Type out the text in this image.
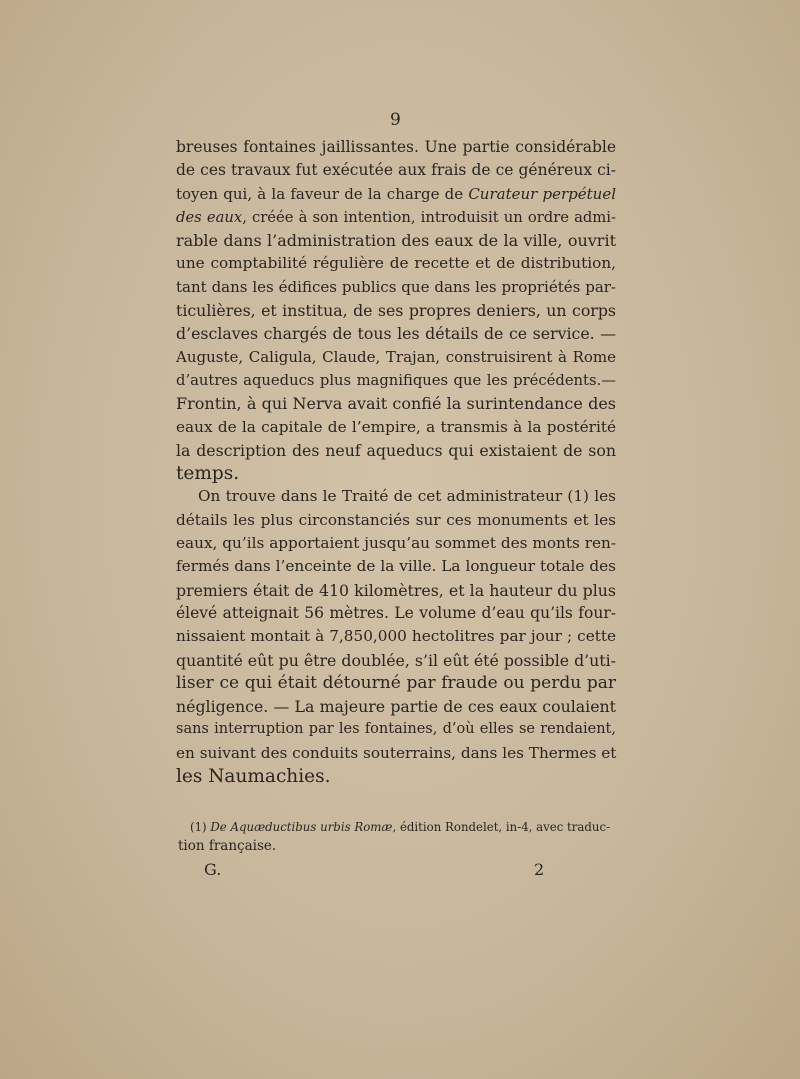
9
breuses fontaines jaillissantes. Une partie considérable
de ces travaux fut exécutée aux frais de ce généreux ci-
toyen qui, à la faveur de la charge de Curateur perpétuel
des eaux, créée à son intention, introduisit un ordre admi-
rable dans l’administration des eaux de la ville, ouvrit
une comptabilité régulière de recette et de distribution,
tant dans les édifices publics que dans les propriétés par-
ticulières, et institua, de ses propres deniers, un corps
d’esclaves chargés de tous les détails de ce service. —
Auguste, Caligula, Claude, Trajan, construisirent à Rome
d’autres aqueducs plus magnifiques que les précédents.—
Frontin, à qui Nerva avait confié la surintendance des
eaux de la capitale de l’empire, a transmis à la postérité
la description des neuf aqueducs qui existaient de son
temps.
On trouve dans le Traité de cet administrateur (1) les
détails les plus circonstanciés sur ces monuments et les
eaux, qu’ils apportaient jusqu’au sommet des monts ren-
fermés dans l’enceinte de la ville. La longueur totale des
premiers était de 410 kilomètres, et la hauteur du plus
élevé atteignait 56 mètres. Le volume d’eau qu’ils four-
nissaient montait à 7,850,000 hectolitres par jour ; cette
quantité eût pu être doublée, s’il eût été possible d’uti-
liser ce qui était détourné par fraude ou perdu par
négligence. — La majeure partie de ces eaux coulaient
sans interruption par les fontaines, d’où elles se rendaient,
en suivant des conduits souterrains, dans les Thermes et
les Naumachies.
(1) De Aquæductibus urbis Romæ, édition Rondelet, in-4, avec traduc-
tion française.
G.	2
